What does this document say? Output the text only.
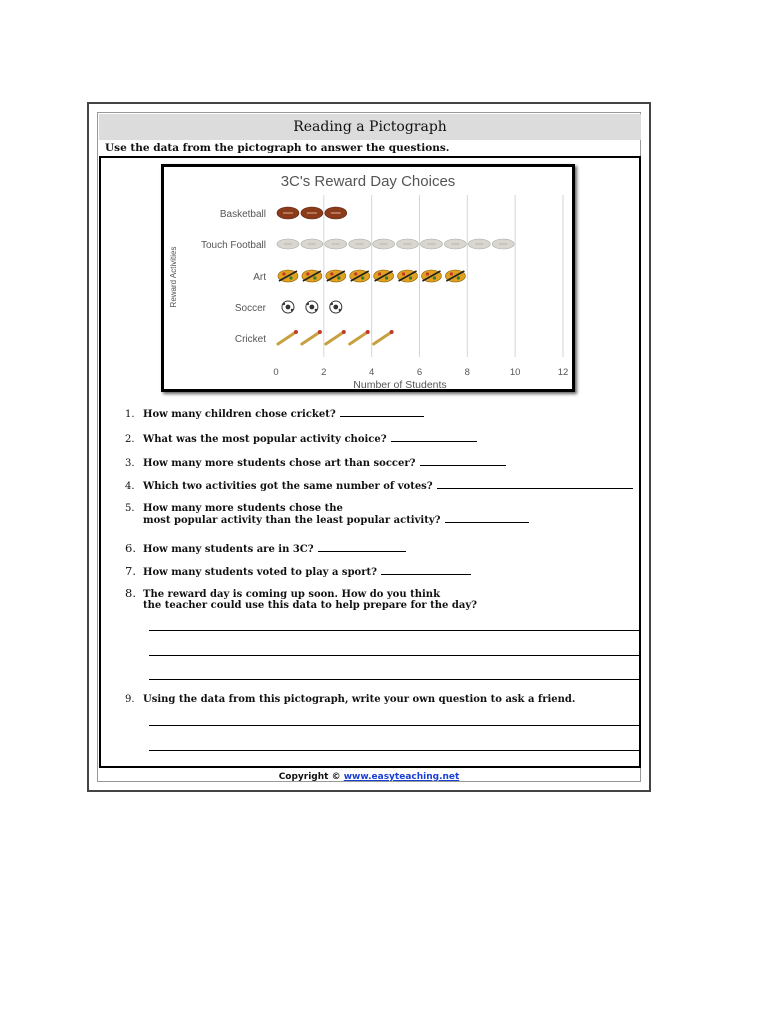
Reading a Pictograph
Use the data from the pictograph to answer the questions.
3C's Reward Day Choices
0	2	4	6	8	10	12
Number of Students
Reward Activities
Basketball
Touch Football
Art
Soccer
Cricket
1. How many children chose cricket?
2. What was the most popular activity choice?
3. How many more students chose art than soccer?
4. Which two activities got the same number of votes?
5. How many more students chose the
most popular activity than the least popular activity?
6. How many students are in 3C?
7. How many students voted to play a sport?
8. The reward day is coming up soon. How do you think
the teacher could use this data to help prepare for the day?
9. Using the data from this pictograph, write your own question to ask a friend.
Copyright © www.easyteaching.net
